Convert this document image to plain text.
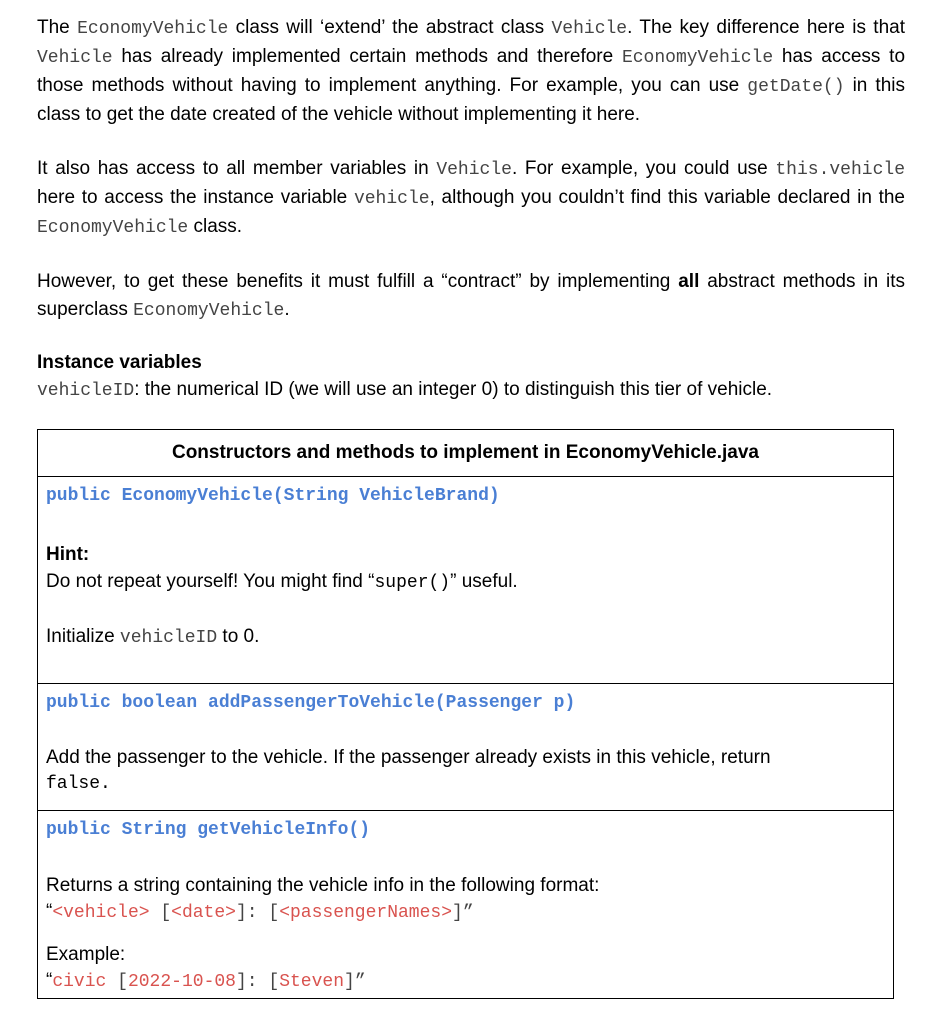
The EconomyVehicle class will ‘extend’ the abstract class Vehicle. The key difference here is that Vehicle has already implemented certain methods and therefore EconomyVehicle has access to those methods without having to implement anything. For example, you can use getDate() in this class to get the date created of the vehicle without implementing it here.

It also has access to all member variables in Vehicle. For example, you could use this.vehicle here to access the instance variable vehicle, although you couldn’t find this variable declared in the EconomyVehicle class.

However, to get these benefits it must fulfill a “contract” by implementing all abstract methods in its superclass EconomyVehicle.

Instance variables

vehicleID: the numerical ID (we will use an integer 0) to distinguish this tier of vehicle.

Constructors and methods to implement in EconomyVehicle.java
public EconomyVehicle(String VehicleBrand)

Hint:

Do not repeat yourself! You might find “super()” useful.

Initialize vehicleID to 0.

public boolean addPassengerToVehicle(Passenger p)

Add the passenger to the vehicle. If the passenger already exists in this vehicle, return

false.

public String getVehicleInfo()

Returns a string containing the vehicle info in the following format:

“<vehicle> [<date>]: [<passengerNames>]”

Example:

“civic [2022-10-08]: [Steven]”
